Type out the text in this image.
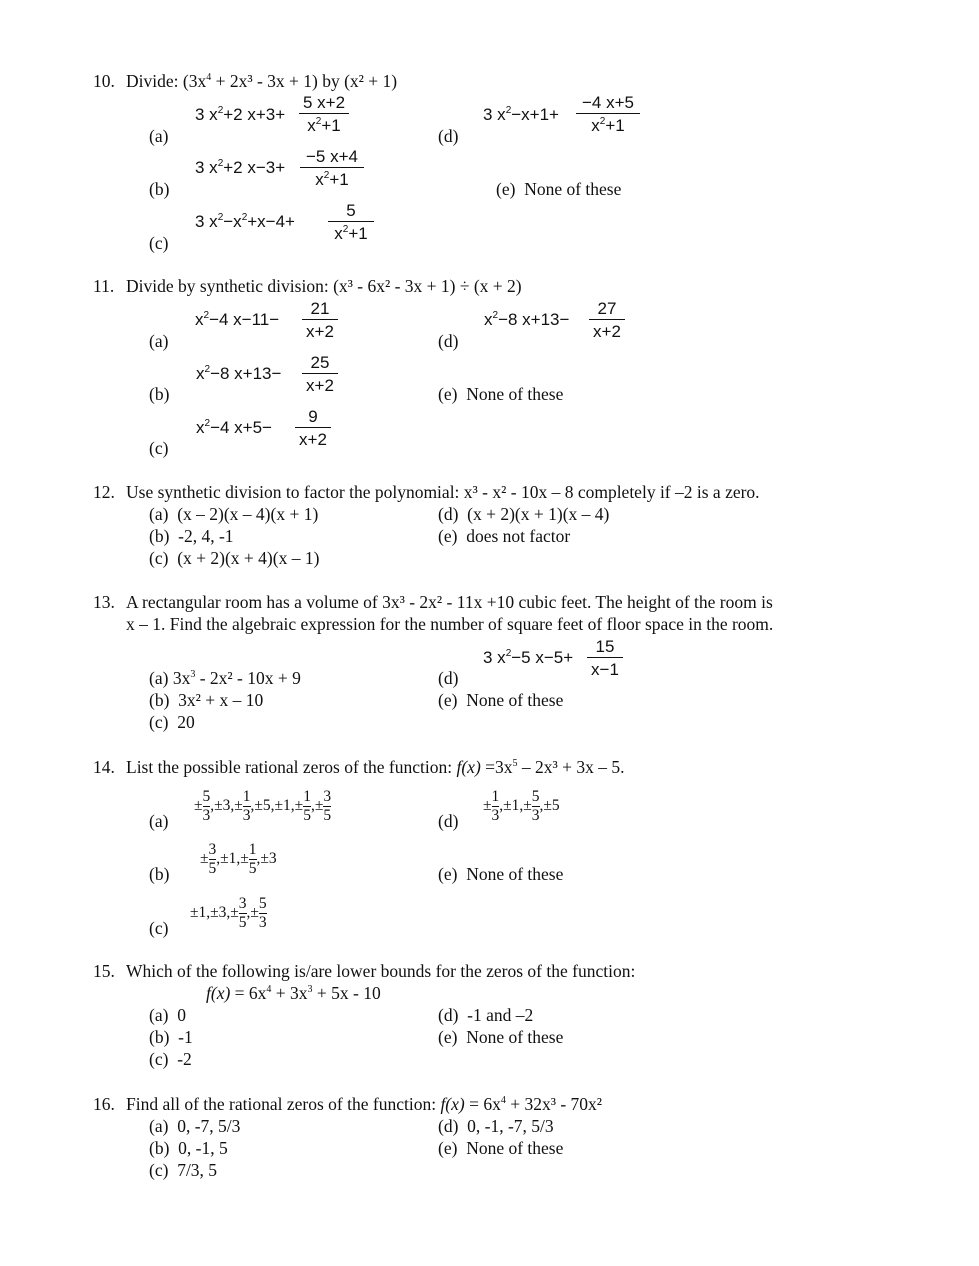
10. Divide: $(3x^4 + 2x^3 - 3x + 1)$ by (x² + 1)
(a)
3 $x^2+2$ x+3+
5 x+2
$x^2+1$
(d)
3 $x^2-x+1+$
−4 x+5
$x^2+1$
(b)
3 $x^2+2$ x−3+
−5 x+4
$x^2+1$	(e) None of these
(c)
3 $x^2-x^2+x-4+$
5
$x^2+1$
11. Divide by synthetic division: (x³ - 6x² - 3x + 1) ÷ (x + 2)
(a)
$x^2-4$ x−11−
21
x+2	(d)
$x^2-8$ x+13−
27
x+2
(b)
$x^2-8$ x+13−
25
x+2	(e) None of these
(c)
$x^2-4$ x+5−
9
x+2
12. Use synthetic division to factor the polynomial: x³ - x² - 10x – 8 completely if –2 is a zero.
(a) (x – 2)(x – 4)(x + 1)	(d) (x + 2)(x + 1)(x – 4)
(b) -2, 4, -1	(e) does not factor
(c)  (x + 2)(x + 4)(x – 1)
13. A rectangular room has a volume of 3x³ - 2x² - 11x +10 cubic feet. The height of the room is
x – 1. Find the algebraic expression for the number of square feet of floor space in the room.
(d)
3 $x^2-5$ x−5+
15
x−1
(a) $3x^3 - 2x^2 - 10x + 9$
(b) 3x² + x – 10	(e) None of these
(c) 20
14. List the possible rational zeros of the function: $f(x) =3x^5 - 2x^3 + 3x - 5$.
(a)
±
5
3
,±3,±
1
3
,±5,±1,±
1
5
,±
3
5	(d)
±
1
3
,±1,±
5
3
,±5
(b)
±
3
5
,±1,±
1
5
,±3
(e) None of these
(c)
±1,±3,±
3
5
,±
5
3
15. Which of the following is/are lower bounds for the zeros of the function:
$f(x) = 6x^4 + 3x^3 + 5x - 10$
(a) 0	(d) -1 and –2
(b) -1	(e) None of these
(c) -2
16. Find all of the rational zeros of the function: $f(x) = 6x^4 + 32x^3 - 70x^2$
(a) 0, -7, 5/3	(d) 0, -1, -7, 5/3
(b) 0, -1, 5	(e) None of these
(c) 7/3, 5
